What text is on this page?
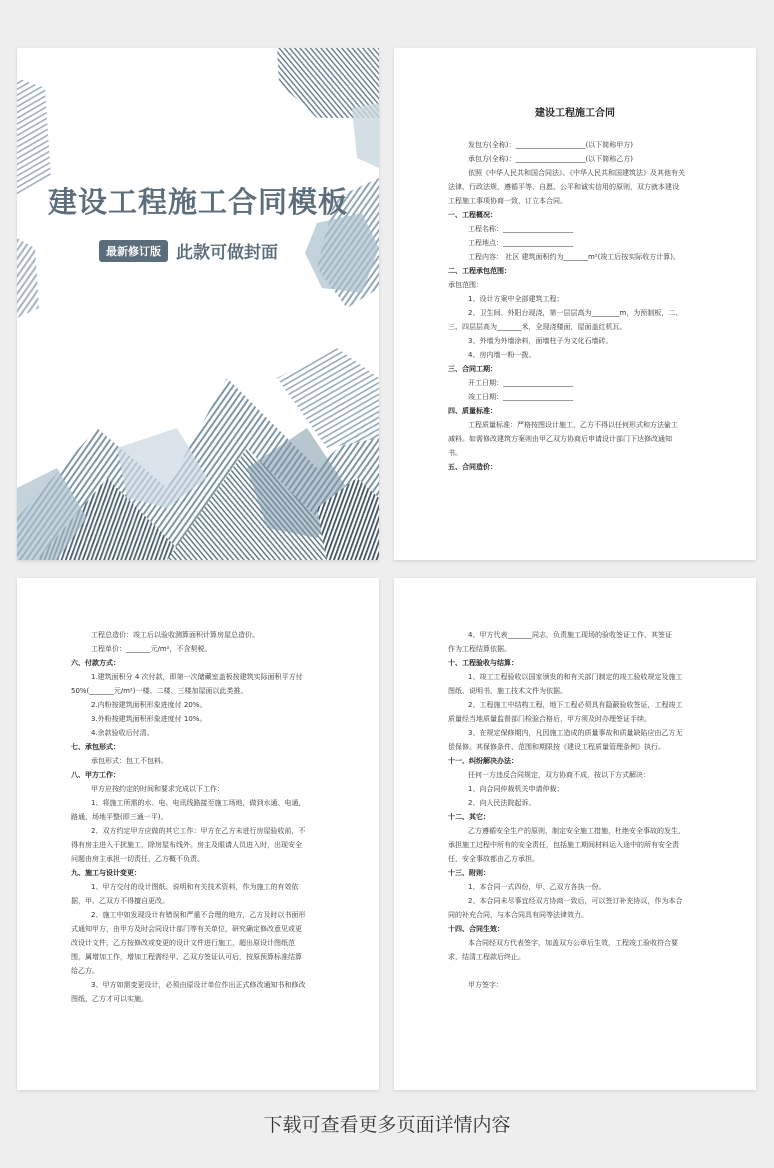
建设工程施工合同模板
最新修订版 此款可做封面
建设工程施工合同
发包方(全称)：____________________(以下简称甲方)
承包方(全称)：____________________(以下简称乙方)
依照《中华人民共和国合同法》、《中华人民共和国建筑法》及其他有关
法律、行政法规，遵循平等、自愿、公平和诚实信用的原则，双方就本建设
工程施工事项协商一致，订立本合同。
一、工程概况：
工程名称：____________________
工程地点：____________________
工程内容： 社区 建筑面积约为_______m²(竣工后按实际收方计算)。
二、工程承包范围：
承包范围：
1、设计方案中全部建筑工程；
2、卫生间、外阳台现浇，第一层层高为________m，为预制板，二、
三、四层层高为_______米，全现浇楼面，屋面盖红机瓦。
3、外墙为外墙涂料，面墙柱子为文化石墙砖。
4、房内墙一粉一拨。
三、合同工期：
开工日期：____________________
竣工日期：____________________
四、质量标准：
工程质量标准：严格按图设计施工，乙方不得以任何形式和方法偷工
减料。如需修改建筑方案则由甲乙双方协商后申请设计部门下达修改通知
书。
五、合同造价：
工程总造价：竣工后以验收测算面积计算房屋总造价。
工程单价：_______元/m²，不含契税。
六、付款方式：
1.建筑面积分 4 次付款，即第一次储藏室盖板按建筑实际面积平方付
50%(_______元/m²)一楼、二楼、三楼加屋面以此类推。
2.内粉按建筑面积形象进度付 20%。
3.外粉按建筑面积形象进度付 10%。
4.余款验收后付清。
七、承包形式：
承包形式：包工不包料。
八、甲方工作：
甲方应按约定的时间和要求完成以下工作：
1、将施工所需的水、电、电讯线路接至施工场地，做到水通、电通，
路通，场地平整(即三通一平)。
2、双方约定甲方应做的其它工作：甲方在乙方未进行房屋验收前，不
得有房主进入干扰施工，除房屋布线外。房主及眼请人员进入时，出现安全
问题由房主承担一切责任，乙方概不负责。
九、施工与设计变更：
1、甲方交付的设计图纸、说明和有关技术资料，作为施工的有效依
据，甲、乙双方不得擅自更改。
2、施工中如发现设计有错误和严重不合理的地方，乙方及时以书面形
式通知甲方，由甲方及时会同设计部门等有关单位，研究确定修改意见或更
改设计文件，乙方按修改或变更的设计文件进行施工，超出原设计图纸范
围，属增加工作，增加工程需经甲、乙双方签证认可后，按原预算标准结算
给乙方。
3、甲方如需变更设计，必须由原设计单位作出正式修改通知书和修改
图纸，乙方才可以实施。
4、甲方代表_______同志，负责施工现场的验收签证工作，其签证
作为工程结算依据。
十、工程验收与结算：
1、竣工工程验收以国家颁发的和有关部门制定的竣工验收规定及施工
图纸、说明书、施工技术文件为依据。
2、工程施工中结构工程，地下工程必须具有隐蔽验收签证，工程竣工
质量经当地质量监督部门检验合格后，甲方须及时办理签证手续。
3、在规定保修期内，凡因施工造成的质量事故和质量缺陷应由乙方无
偿保修。其保修条件、范围和期限按《建设工程质量管理条例》执行。
十一、纠纷解决办法：
任何一方违反合同规定，双方协商不成，按以下方式解决：
1、向合同仲裁机关申请仲裁；
2、向人民法院起诉。
十二、其它：
乙方遵循安全生产的原则，制定安全施工措施，杜绝安全事故的发生，
承担施工过程中所有的安全责任，包括施工期间材料运入途中的所有安全责
任，安全事故都由乙方承担。
十三、附则：
1、本合同一式四份，甲、乙双方各执一份。
2、本合同未尽事宜经双方协商一致后，可以签订补充协议，作为本合
同的补充合同，与本合同具有同等法律效力。
十四、合同生效：
本合同经双方代表签字，加盖双方公章后生效，工程竣工验收符合要
求，结清工程款后终止。
甲方签字：
下载可查看更多页面详情内容
